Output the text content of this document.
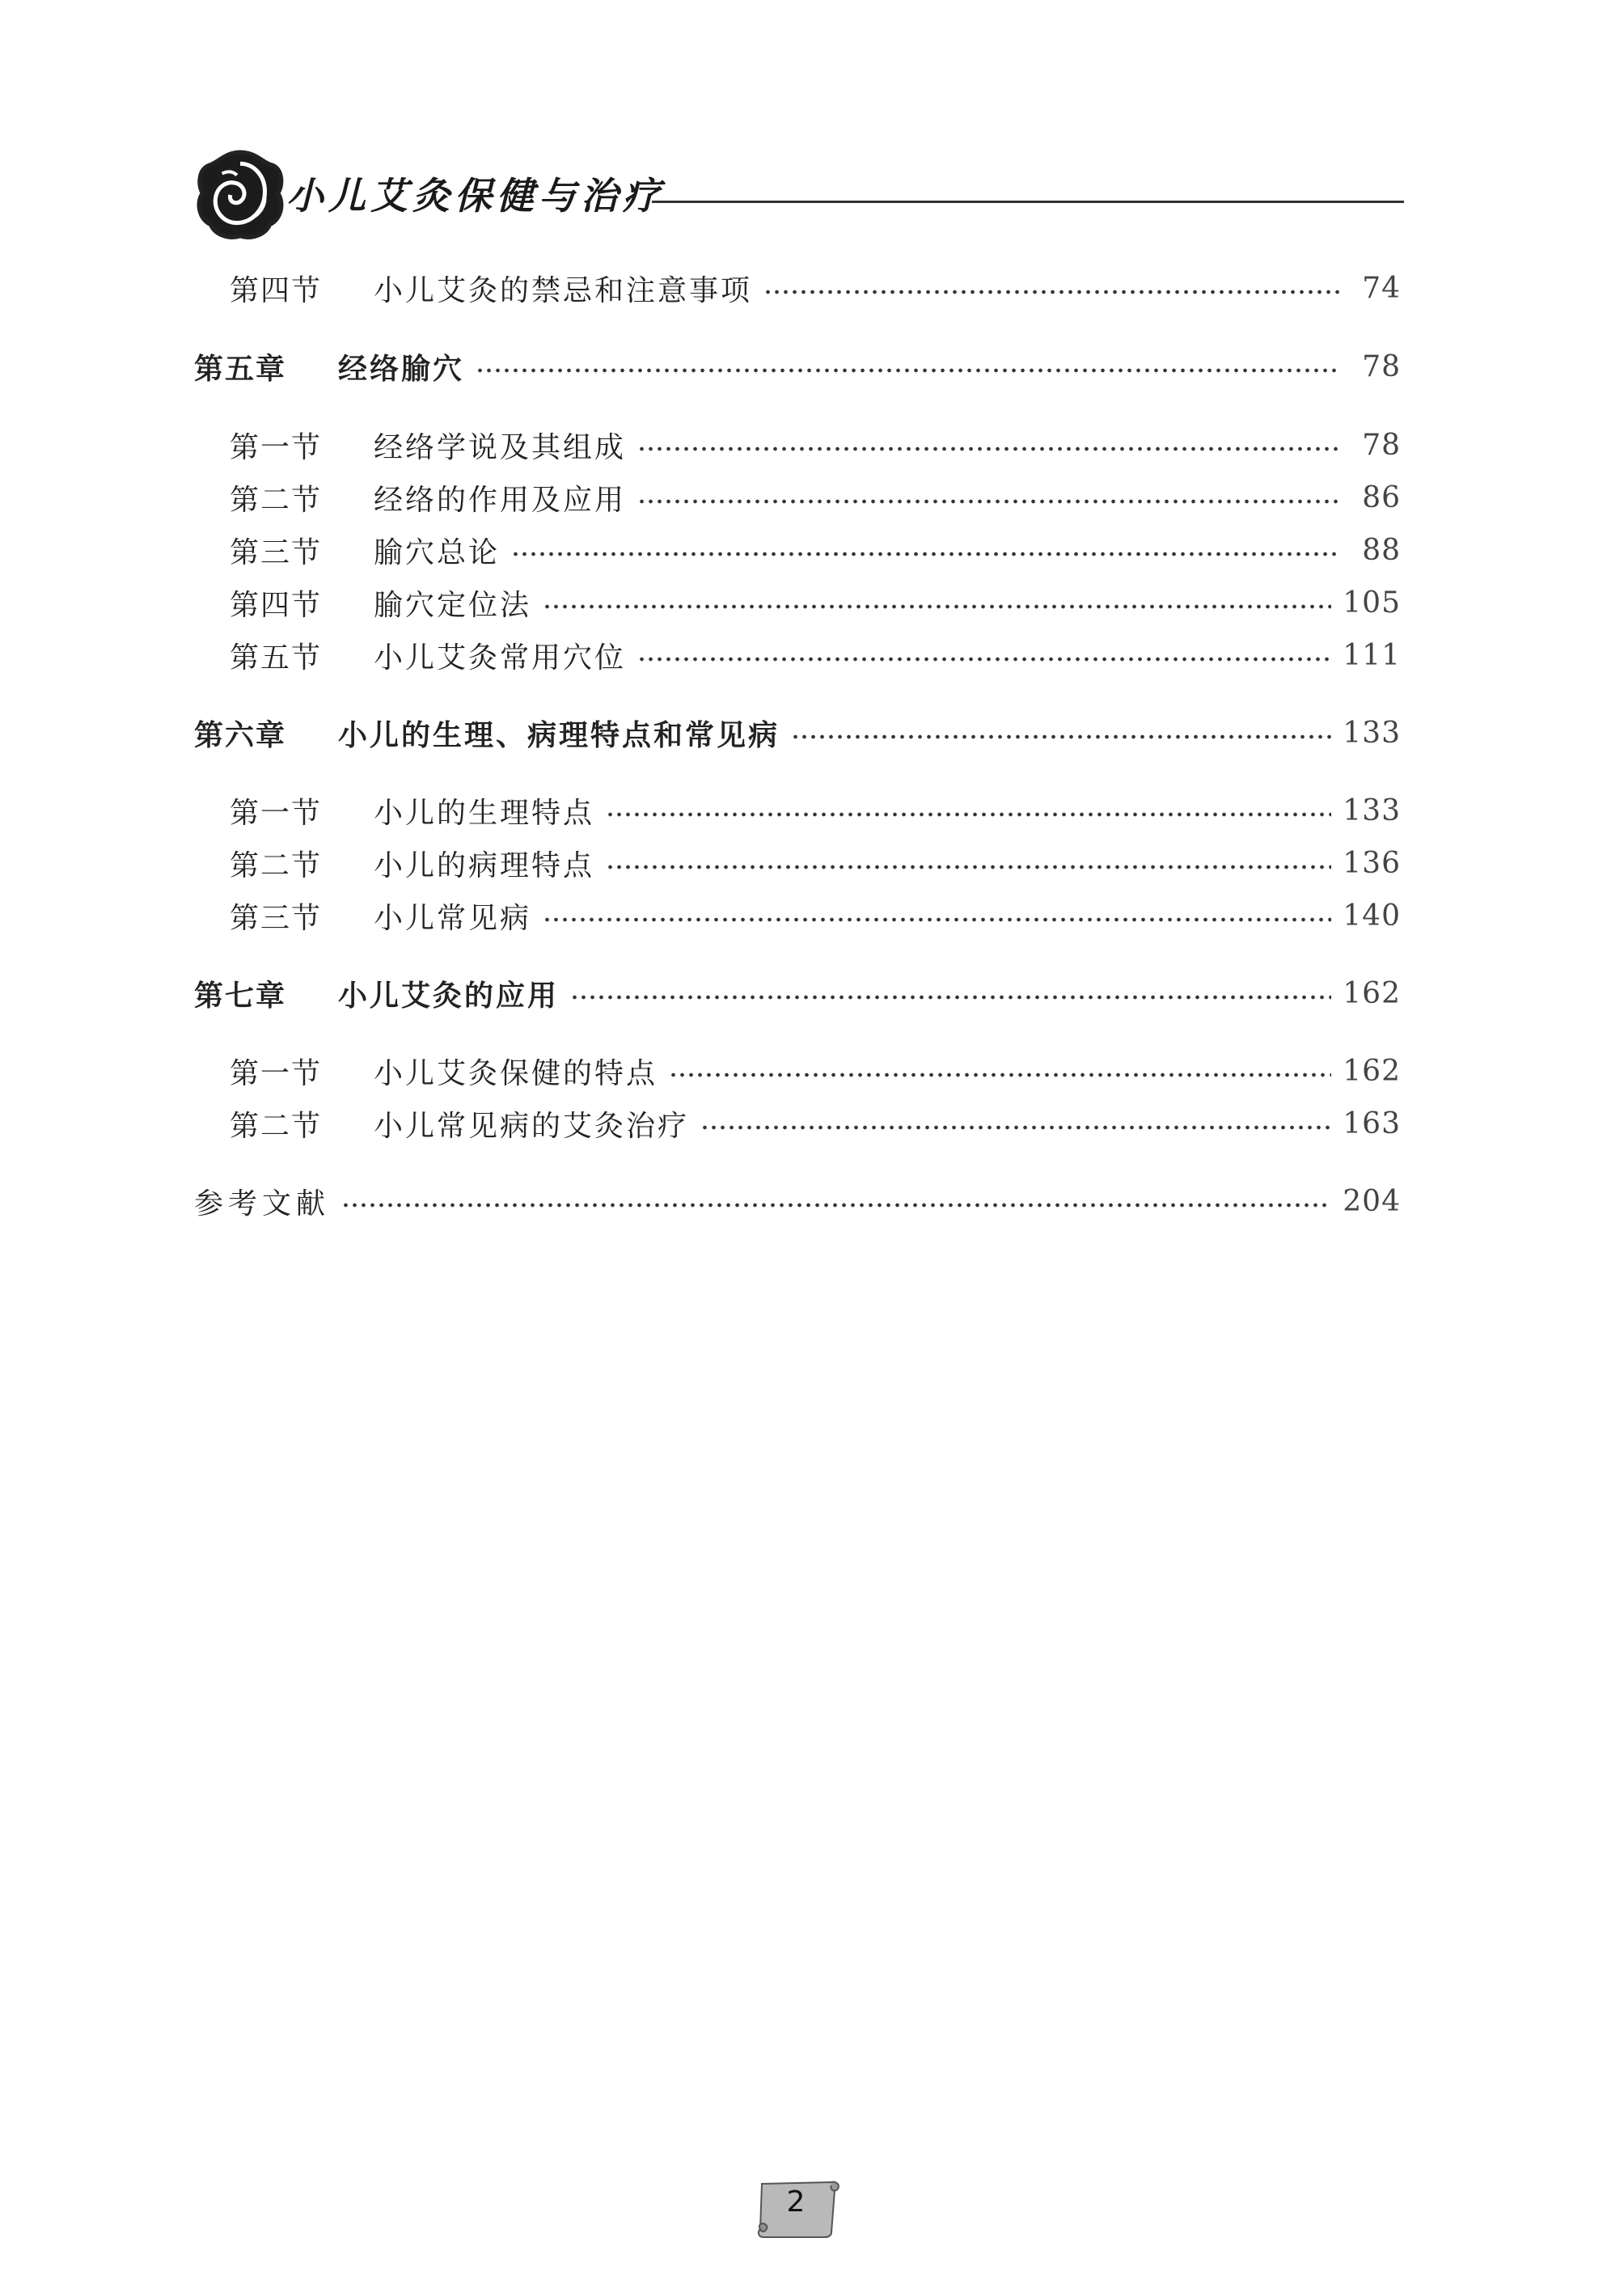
小儿艾灸保健与治疗
第四节	小儿艾灸的禁忌和注意事项	74
第五章	经络腧穴	78
第一节	经络学说及其组成	78
第二节	经络的作用及应用	86
第三节	腧穴总论	88
第四节	腧穴定位法	105
第五节	小儿艾灸常用穴位	111
第六章	小儿的生理、病理特点和常见病	133
第一节	小儿的生理特点	133
第二节	小儿的病理特点	136
第三节	小儿常见病	140
第七章	小儿艾灸的应用	162
第一节	小儿艾灸保健的特点	162
第二节	小儿常见病的艾灸治疗	163
参考文献	204
2
